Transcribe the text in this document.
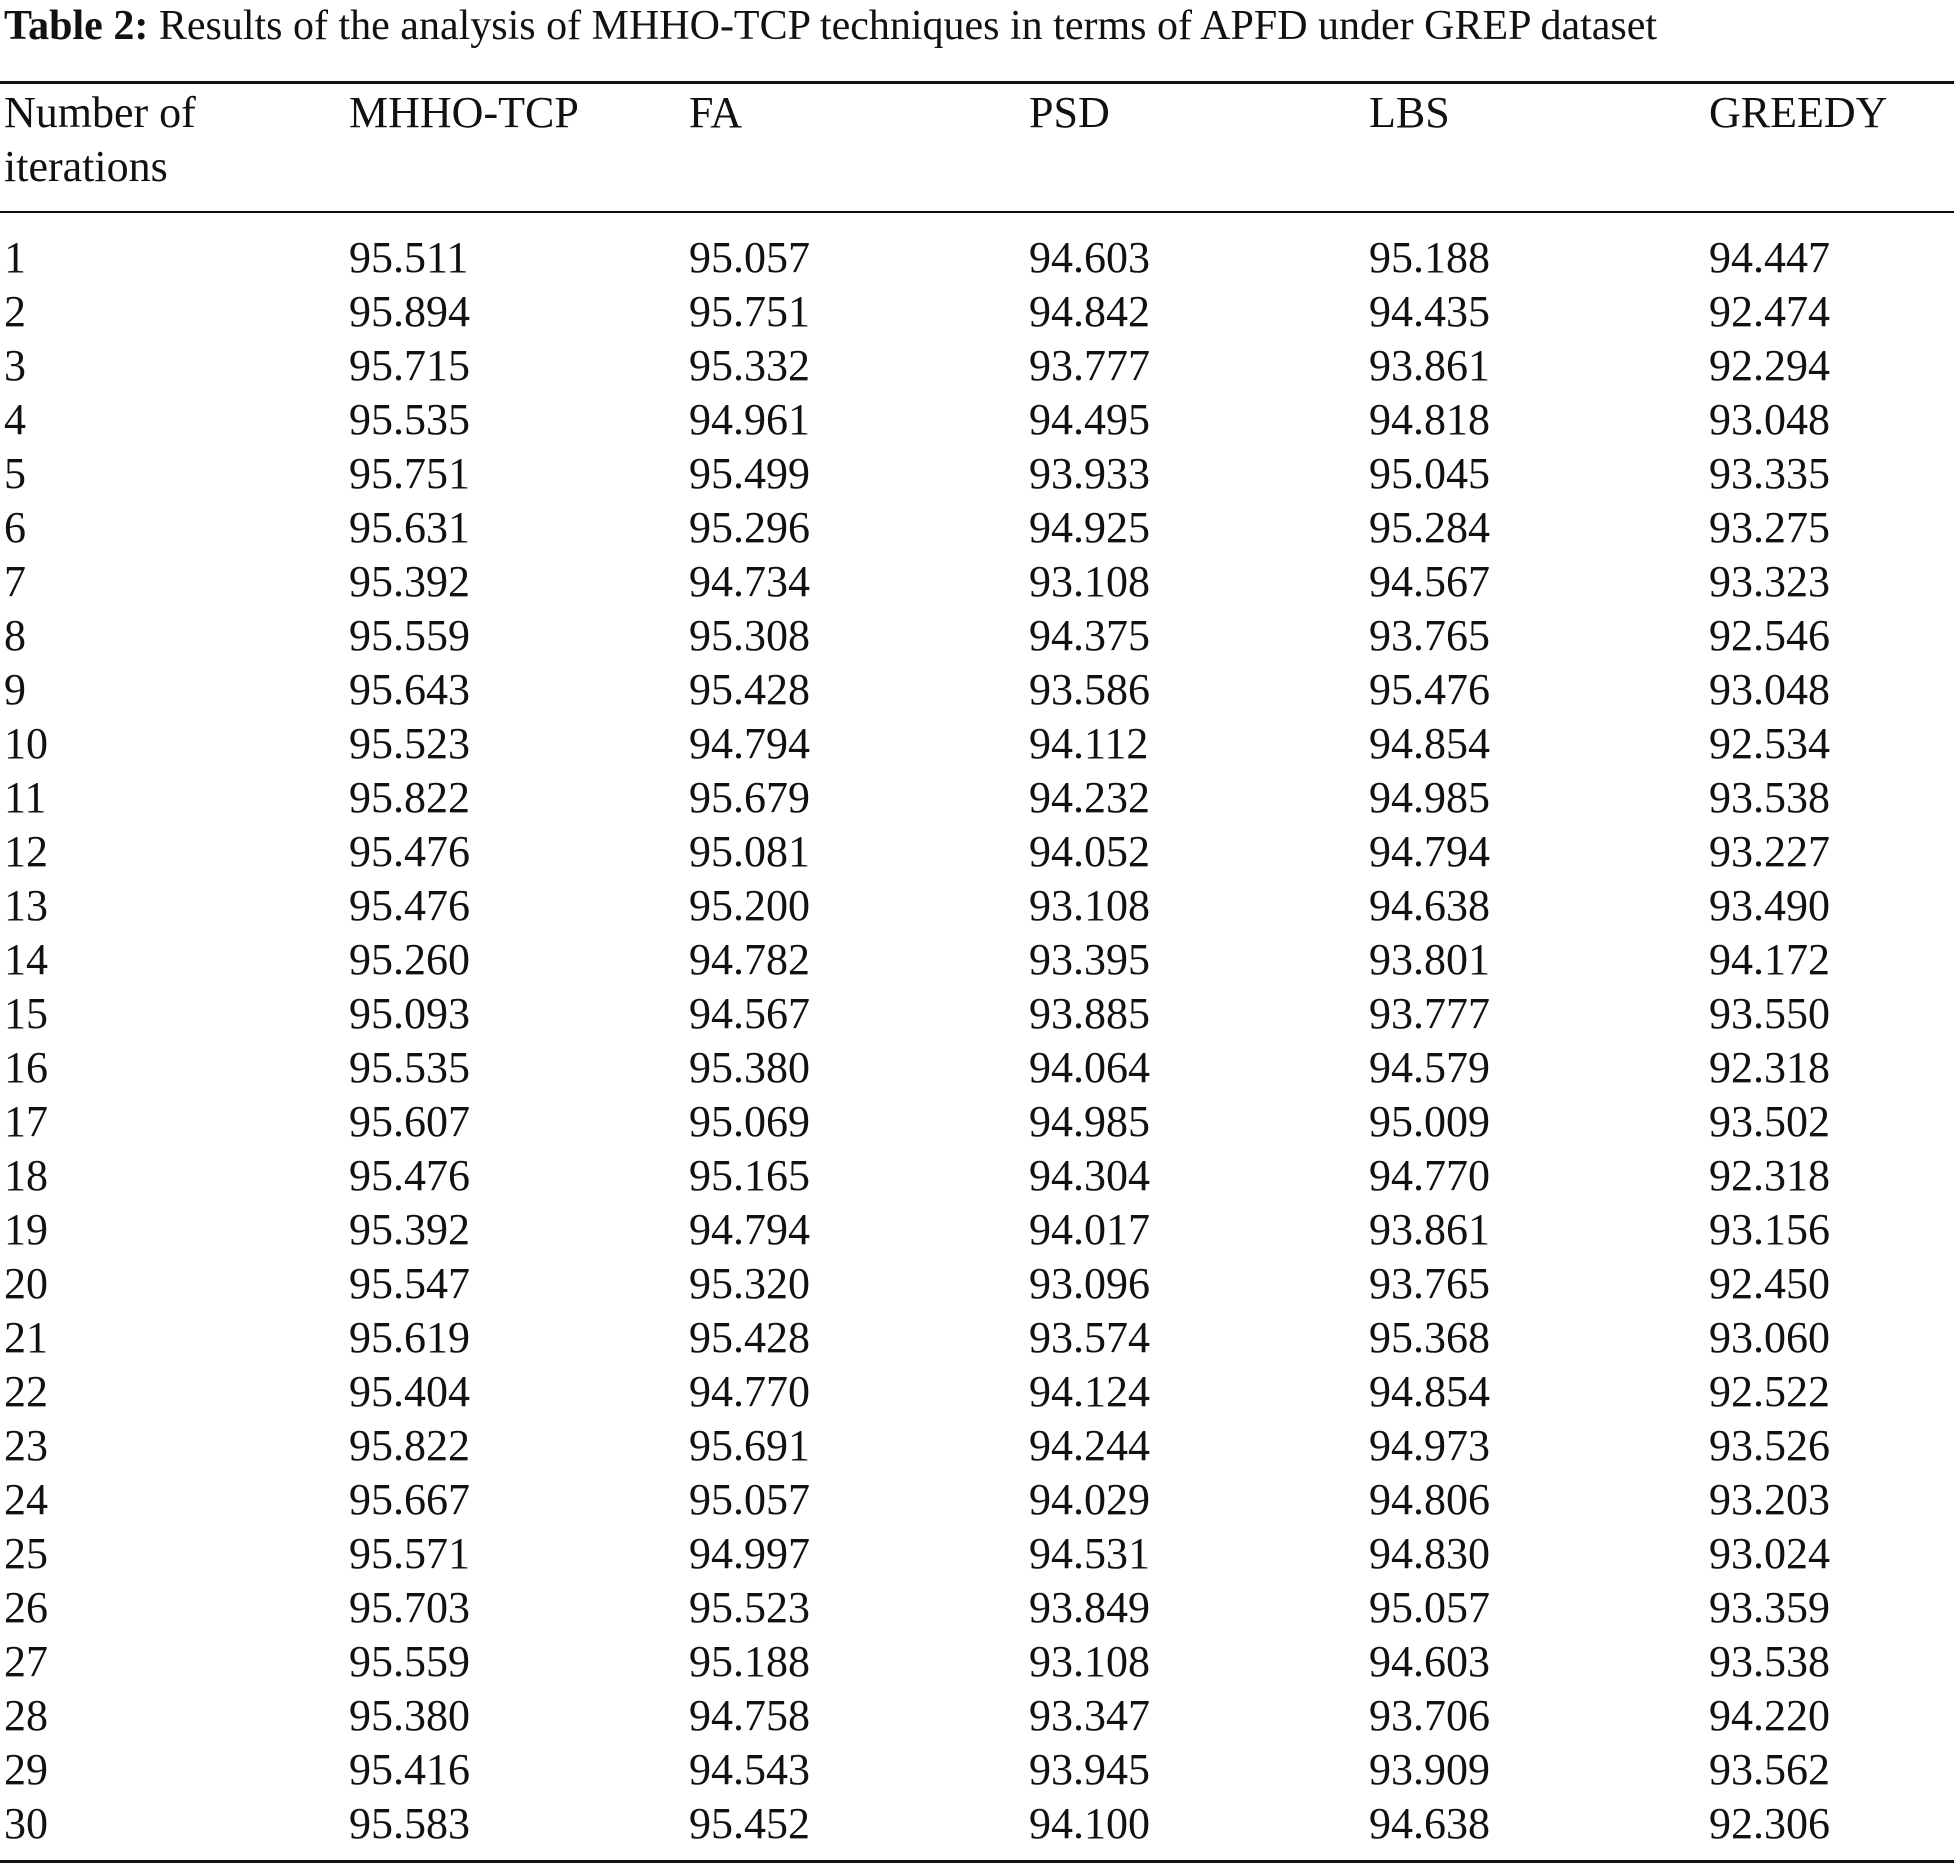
Table 2: Results of the analysis of MHHO-TCP techniques in terms of APFD under GREP dataset
Number of iterations	MHHO-TCP	FA	PSD	LBS	GREEDY
1	95.511	95.057	94.603	95.188	94.447
2	95.894	95.751	94.842	94.435	92.474
3	95.715	95.332	93.777	93.861	92.294
4	95.535	94.961	94.495	94.818	93.048
5	95.751	95.499	93.933	95.045	93.335
6	95.631	95.296	94.925	95.284	93.275
7	95.392	94.734	93.108	94.567	93.323
8	95.559	95.308	94.375	93.765	92.546
9	95.643	95.428	93.586	95.476	93.048
10	95.523	94.794	94.112	94.854	92.534
11	95.822	95.679	94.232	94.985	93.538
12	95.476	95.081	94.052	94.794	93.227
13	95.476	95.200	93.108	94.638	93.490
14	95.260	94.782	93.395	93.801	94.172
15	95.093	94.567	93.885	93.777	93.550
16	95.535	95.380	94.064	94.579	92.318
17	95.607	95.069	94.985	95.009	93.502
18	95.476	95.165	94.304	94.770	92.318
19	95.392	94.794	94.017	93.861	93.156
20	95.547	95.320	93.096	93.765	92.450
21	95.619	95.428	93.574	95.368	93.060
22	95.404	94.770	94.124	94.854	92.522
23	95.822	95.691	94.244	94.973	93.526
24	95.667	95.057	94.029	94.806	93.203
25	95.571	94.997	94.531	94.830	93.024
26	95.703	95.523	93.849	95.057	93.359
27	95.559	95.188	93.108	94.603	93.538
28	95.380	94.758	93.347	93.706	94.220
29	95.416	94.543	93.945	93.909	93.562
30	95.583	95.452	94.100	94.638	92.306
